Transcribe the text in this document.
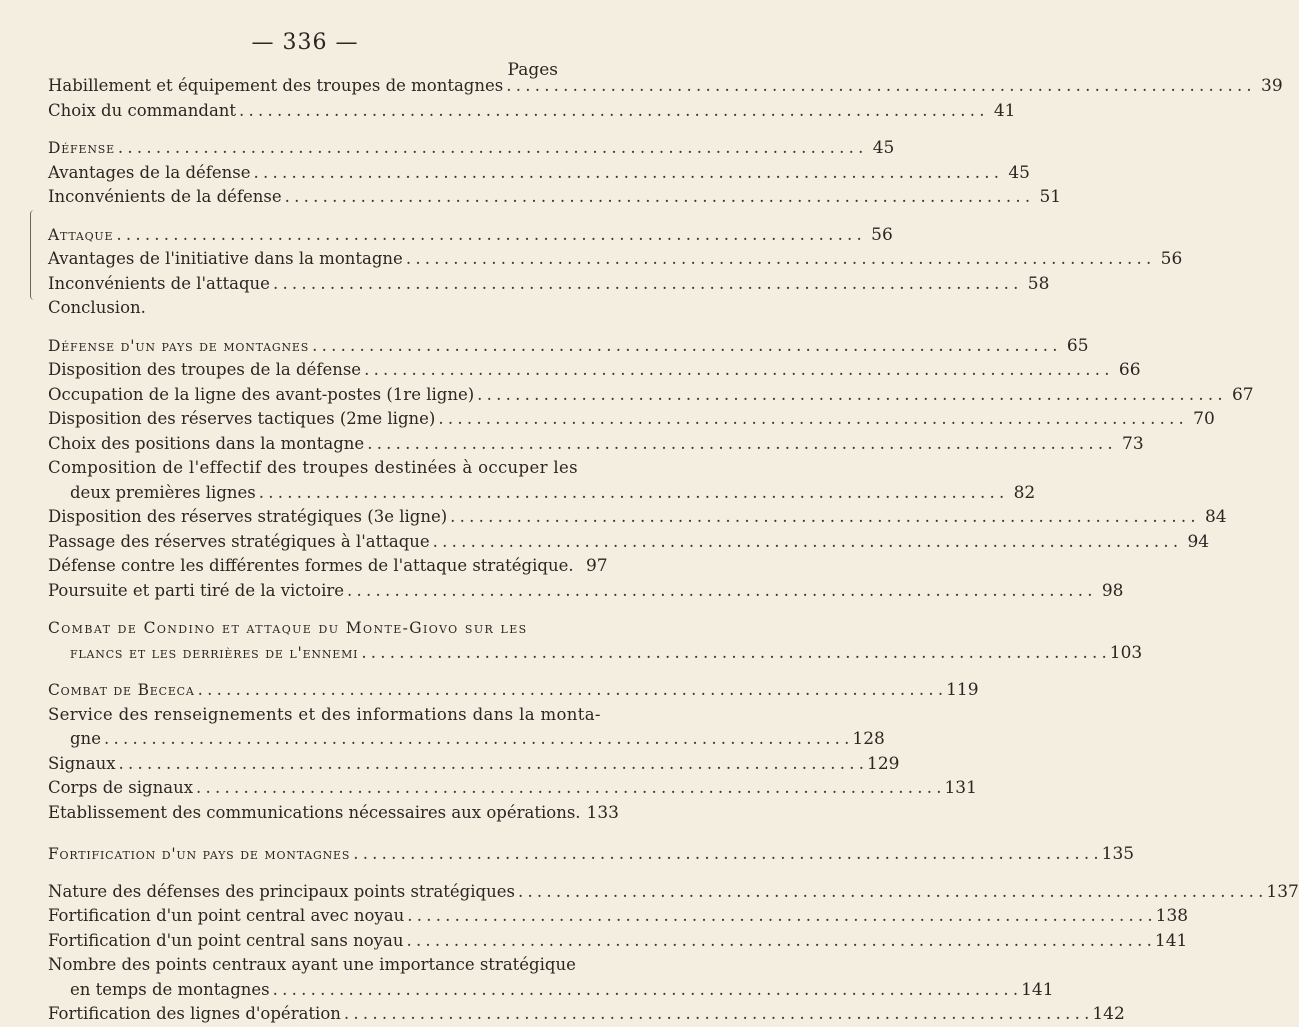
— 336 —
Pages
Habillement et équipement des troupes de montagnes . . .	39
Choix du commandant . . .	41
Défense . . .	45
Avantages de la défense . . .	45
Inconvénients de la défense . . .	51
Attaque . . .	56
Avantages de l'initiative dans la montagne . . .	56
Inconvénients de l'attaque . . .	58
Conclusion.
Défense d'un pays de montagnes . . .	65
Disposition des troupes de la défense . . .	66
Occupation de la ligne des avant-postes (1re ligne) . . .	67
Disposition des réserves tactiques (2me ligne) . . .	70
Choix des positions dans la montagne . . .	73
Composition de l'effectif des troupes destinées à occuper les
deux premières lignes . . .	82
Disposition des réserves stratégiques (3e ligne) . . .	84
Passage des réserves stratégiques à l'attaque . . .	94
Défense contre les différentes formes de l'attaque stratégique. 97
Poursuite et parti tiré de la victoire . . .	98
Combat de Condino et attaque du Monte-Giovo sur les
flancs et les derrières de l'ennemi . . .	103
Combat de Bececa . . .	119
Service des renseignements et des informations dans la monta-
gne . . .	128
Signaux . . .	129
Corps de signaux . . .	131
Etablissement des communications nécessaires aux opérations. 133
Fortification d'un pays de montagnes . . .	135
Nature des défenses des principaux points stratégiques . . .	137
Fortification d'un point central avec noyau . . .	138
Fortification d'un point central sans noyau . . .	141
Nombre des points centraux ayant une importance stratégique
en temps de montagnes . . .	141
Fortification des lignes d'opération . . .	142
